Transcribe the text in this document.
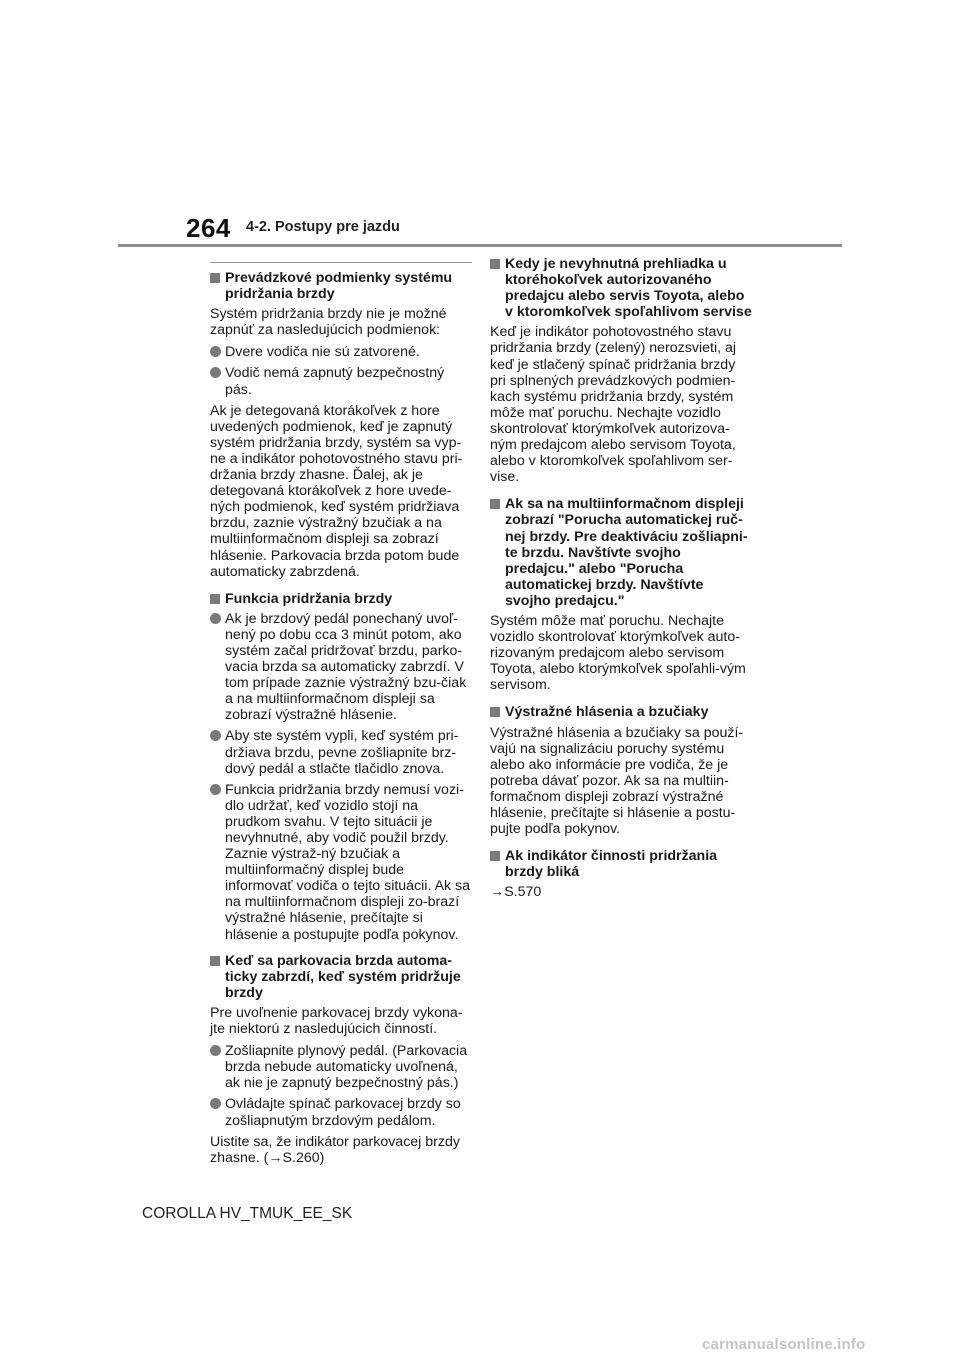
264 4-2. Postupy pre jazdu
Prevádzkové podmienky systému pridržania brzdy
Systém pridržania brzdy nie je možné zapnúť za nasledujúcich podmienok:
Dvere vodiča nie sú zatvorené.
Vodič nemá zapnutý bezpečnostný pás.
Ak je detegovaná ktorákoľvek z hore uvedených podmienok, keď je zapnutý systém pridržania brzdy, systém sa vyp-ne a indikátor pohotovostného stavu pri-držania brzdy zhasne. Ďalej, ak je detegovaná ktorákoľvek z hore uvede-ných podmienok, keď systém pridržiava brzdu, zaznie výstražný bzučiak a na multiinformačnom displeji sa zobrazí hlásenie. Parkovacia brzda potom bude automaticky zabrzdená.
Funkcia pridržania brzdy
Ak je brzdový pedál ponechaný uvoľ-nený po dobu cca 3 minút potom, ako systém začal pridržovať brzdu, parko-vacia brzda sa automaticky zabrzdí. V tom prípade zaznie výstražný bzu-čiak a na multiinformačnom displeji sa zobrazí výstražné hlásenie.
Aby ste systém vypli, keď systém pri-držiava brzdu, pevne zošliapnite brz-dový pedál a stlačte tlačidlo znova.
Funkcia pridržania brzdy nemusí vozi-dlo udržať, keď vozidlo stojí na prudkom svahu. V tejto situácii je nevyhnutné, aby vodič použil brzdy. Zaznie výstraž-ný bzučiak a multiinformačný displej bude informovať vodiča o tejto situácii. Ak sa na multiinformačnom displeji zo-brazí výstražné hlásenie, prečítajte si hlásenie a postupujte podľa pokynov.
Keď sa parkovacia brzda automa-ticky zabrzdí, keď systém pridržuje brzdy
Pre uvoľnenie parkovacej brzdy vykona-jte niektorú z nasledujúcich činností.
Zošliapnite plynový pedál. (Parkovacia brzda nebude automaticky uvoľnená, ak nie je zapnutý bezpečnostný pás.)
Ovládajte spínač parkovacej brzdy so zošliapnutým brzdovým pedálom.
Uistite sa, že indikátor parkovacej brzdy zhasne. (→S.260)
Kedy je nevyhnutná prehliadka u ktoréhokoľvek autorizovaného predajcu alebo servis Toyota, alebo v ktoromkoľvek spoľahlivom servise
Keď je indikátor pohotovostného stavu pridržania brzdy (zelený) nerozsvieti, aj keď je stlačený spínač pridržania brzdy pri splnených prevádzkových podmien-kach systému pridržania brzdy, systém môže mať poruchu. Nechajte vozidlo skontrolovať ktorýmkoľvek autorizova-ným predajcom alebo servisom Toyota, alebo v ktoromkoľvek spoľahlivom ser-vise.
Ak sa na multiinformačnom displeji zobrazí "Porucha automatickej ruč-nej brzdy. Pre deaktiváciu zošliapni-te brzdu. Navštívte svojho predajcu." alebo "Porucha automatickej brzdy. Navštívte svojho predajcu."
Systém môže mať poruchu. Nechajte vozidlo skontrolovať ktorýmkoľvek auto-rizovaným predajcom alebo servisom Toyota, alebo ktorýmkoľvek spoľahli-vým servisom.
Výstražné hlásenia a bzučiaky
Výstražné hlásenia a bzučiaky sa použí-vajú na signalizáciu poruchy systému alebo ako informácie pre vodiča, že je potreba dávať pozor. Ak sa na multiin-formačnom displeji zobrazí výstražné hlásenie, prečítajte si hlásenie a postu-pujte podľa pokynov.
Ak indikátor činnosti pridržania brzdy bliká
→S.570
COROLLA HV_TMUK_EE_SK
carmanualsonline.info
